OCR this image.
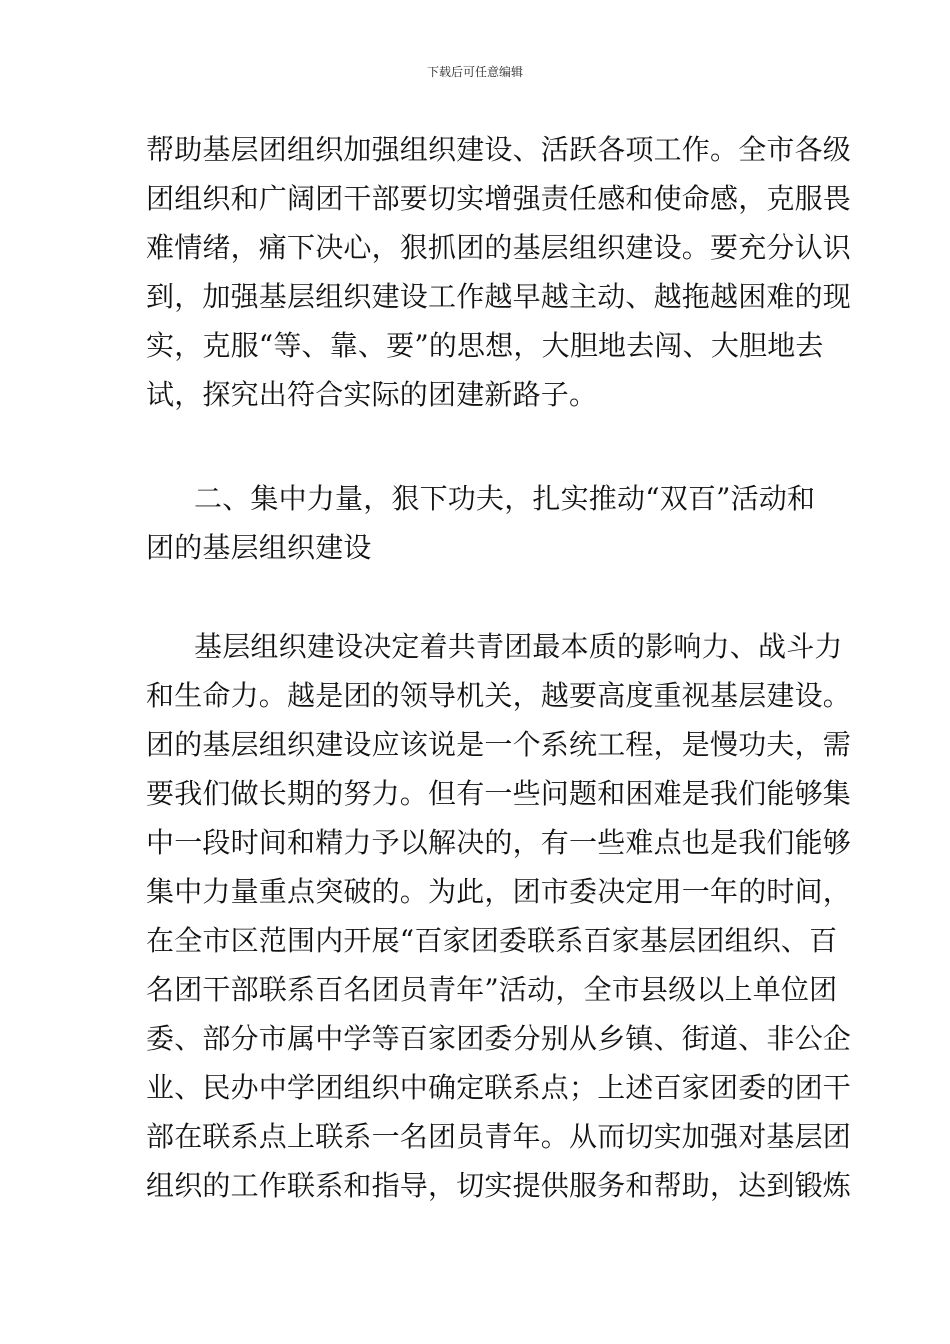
下载后可任意编辑
帮助基层团组织加强组织建设、活跃各项工作。全市各级
团组织和广阔团干部要切实增强责任感和使命感，克服畏
难情绪，痛下决心，狠抓团的基层组织建设。要充分认识
到，加强基层组织建设工作越早越主动、越拖越困难的现
实，克服“等、靠、要”的思想，大胆地去闯、大胆地去
试，探究出符合实际的团建新路子。
二、集中力量，狠下功夫，扎实推动“双百”活动和
团的基层组织建设
基层组织建设决定着共青团最本质的影响力、战斗力
和生命力。越是团的领导机关，越要高度重视基层建设。
团的基层组织建设应该说是一个系统工程，是慢功夫，需
要我们做长期的努力。但有一些问题和困难是我们能够集
中一段时间和精力予以解决的，有一些难点也是我们能够
集中力量重点突破的。为此，团市委决定用一年的时间，
在全市区范围内开展“百家团委联系百家基层团组织、百
名团干部联系百名团员青年”活动，全市县级以上单位团
委、部分市属中学等百家团委分别从乡镇、街道、非公企
业、民办中学团组织中确定联系点；上述百家团委的团干
部在联系点上联系一名团员青年。从而切实加强对基层团
组织的工作联系和指导，切实提供服务和帮助，达到锻炼
